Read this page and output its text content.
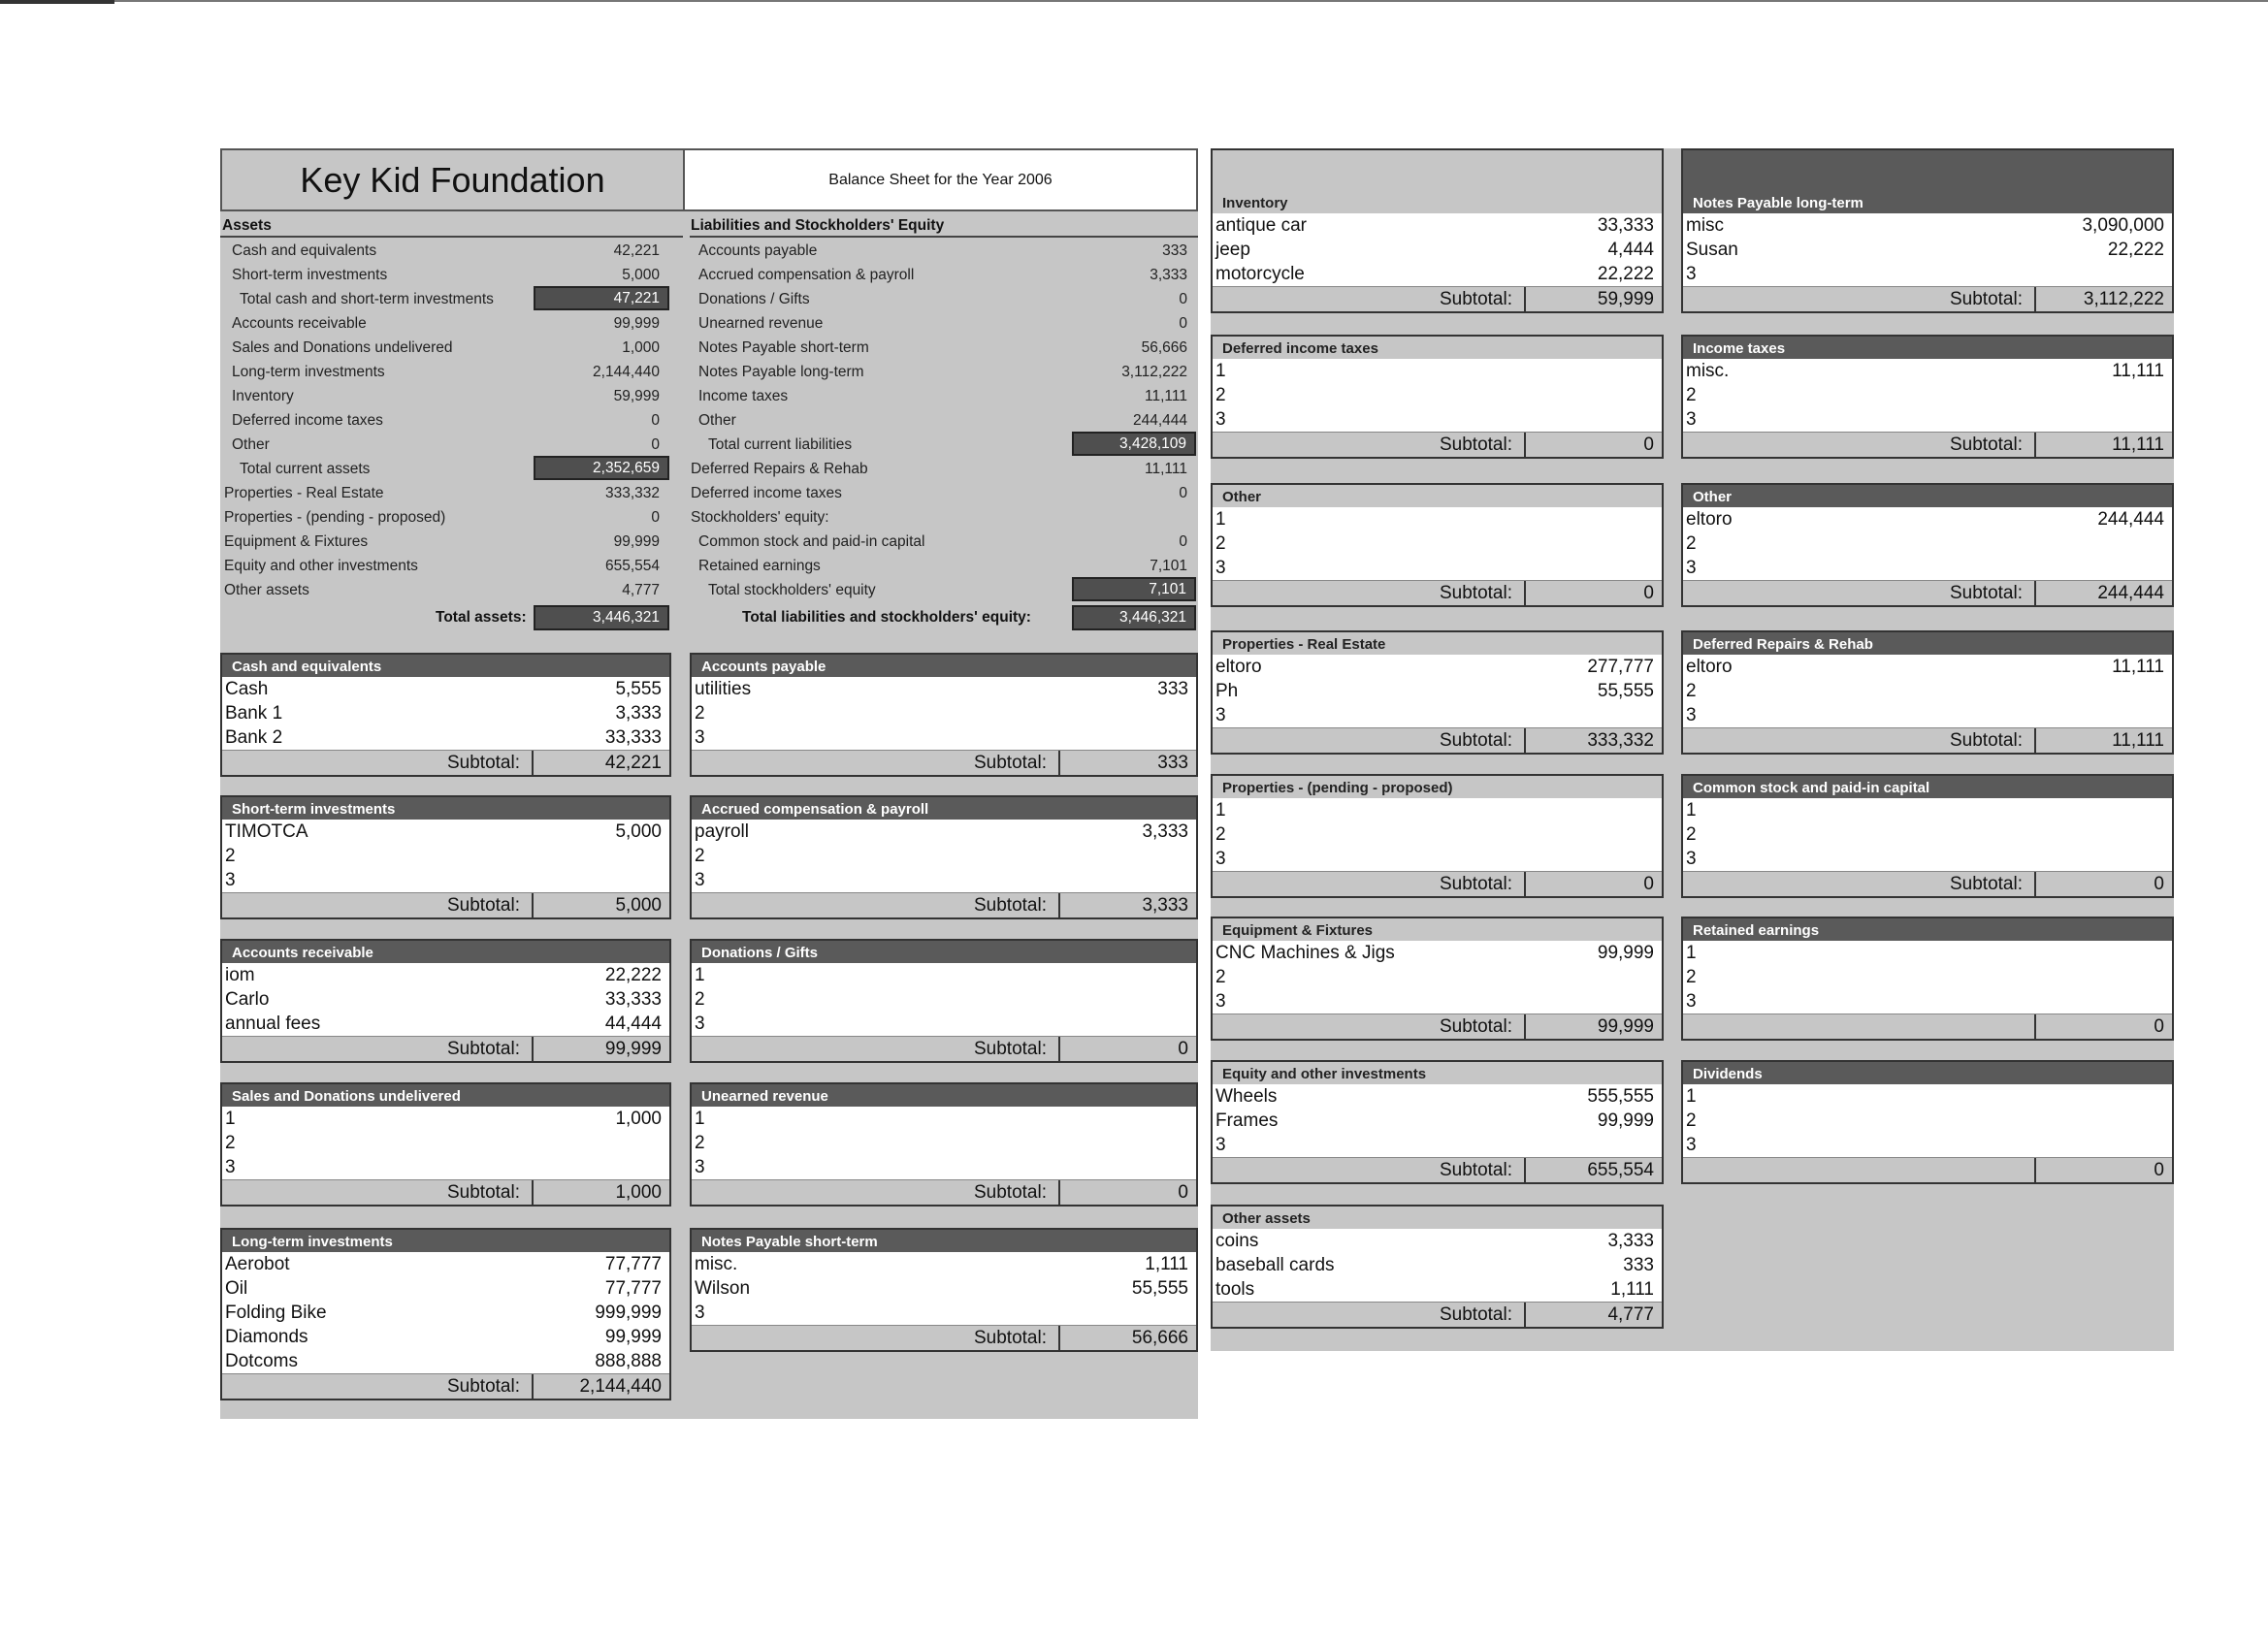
Key Kid Foundation	Balance Sheet for the Year 2006
Assets	Liabilities and Stockholders' Equity
Cash and equivalents	42,221
Short-term investments	5,000
Total cash and short-term investments	47,221
Accounts receivable	99,999
Sales and Donations undelivered	1,000
Long-term investments	2,144,440
Inventory	59,999
Deferred income taxes	0
Other	0
Total current assets	2,352,659
Properties - Real Estate	333,332
Properties - (pending - proposed)	0
Equipment & Fixtures	99,999
Equity and other investments	655,554
Other assets	4,777
Accounts payable	333
Accrued compensation & payroll	3,333
Donations / Gifts	0
Unearned revenue	0
Notes Payable short-term	56,666
Notes Payable long-term	3,112,222
Income taxes	11,111
Other	244,444
Total current liabilities	3,428,109
Deferred Repairs & Rehab	11,111
Deferred income taxes	0
Stockholders' equity:
Common stock and paid-in capital	0
Retained earnings	7,101
Total stockholders' equity	7,101
Total assets:	3,446,321	Total liabilities and stockholders' equity:	3,446,321
Cash and equivalents
Cash	5,555
Bank 1	3,333
Bank 2	33,333
Subtotal:	42,221
Short-term investments
TIMOTCA	5,000
2
3
Subtotal:	5,000
Accounts receivable
iom	22,222
Carlo	33,333
annual fees	44,444
Subtotal:	99,999
Sales and Donations undelivered
1	1,000
2
3
Subtotal:	1,000
Long-term investments
Aerobot	77,777
Oil	77,777
Folding Bike	999,999
Diamonds	99,999
Dotcoms	888,888
Subtotal:	2,144,440
Accounts payable
utilities	333
2
3
Subtotal:	333
Accrued compensation & payroll
payroll	3,333
2
3
Subtotal:	3,333
Donations / Gifts
1
2
3
Subtotal:	0
Unearned revenue
1
2
3
Subtotal:	0
Notes Payable short-term
misc.	1,111
Wilson	55,555
3
Subtotal:	56,666
Inventory
antique car	33,333
jeep	4,444
motorcycle	22,222
Subtotal:	59,999
Deferred income taxes
1
2
3
Subtotal:	0
Other
1
2
3
Subtotal:	0
Properties - Real Estate
eltoro	277,777
Ph	55,555
3
Subtotal:	333,332
Properties - (pending - proposed)
1
2
3
Subtotal:	0
Equipment & Fixtures
CNC Machines & Jigs	99,999
2
3
Subtotal:	99,999
Equity and other investments
Wheels	555,555
Frames	99,999
3
Subtotal:	655,554
Other assets
coins	3,333
baseball cards	333
tools	1,111
Subtotal:	4,777
Notes Payable long-term
misc	3,090,000
Susan	22,222
3
Subtotal:	3,112,222
Income taxes
misc.	11,111
2
3
Subtotal:	11,111
Other
eltoro	244,444
2
3
Subtotal:	244,444
Deferred Repairs & Rehab
eltoro	11,111
2
3
Subtotal:	11,111
Common stock and paid-in capital
1
2
3
Subtotal:	0
Retained earnings
1
2
3
0
Dividends
1
2
3
0
